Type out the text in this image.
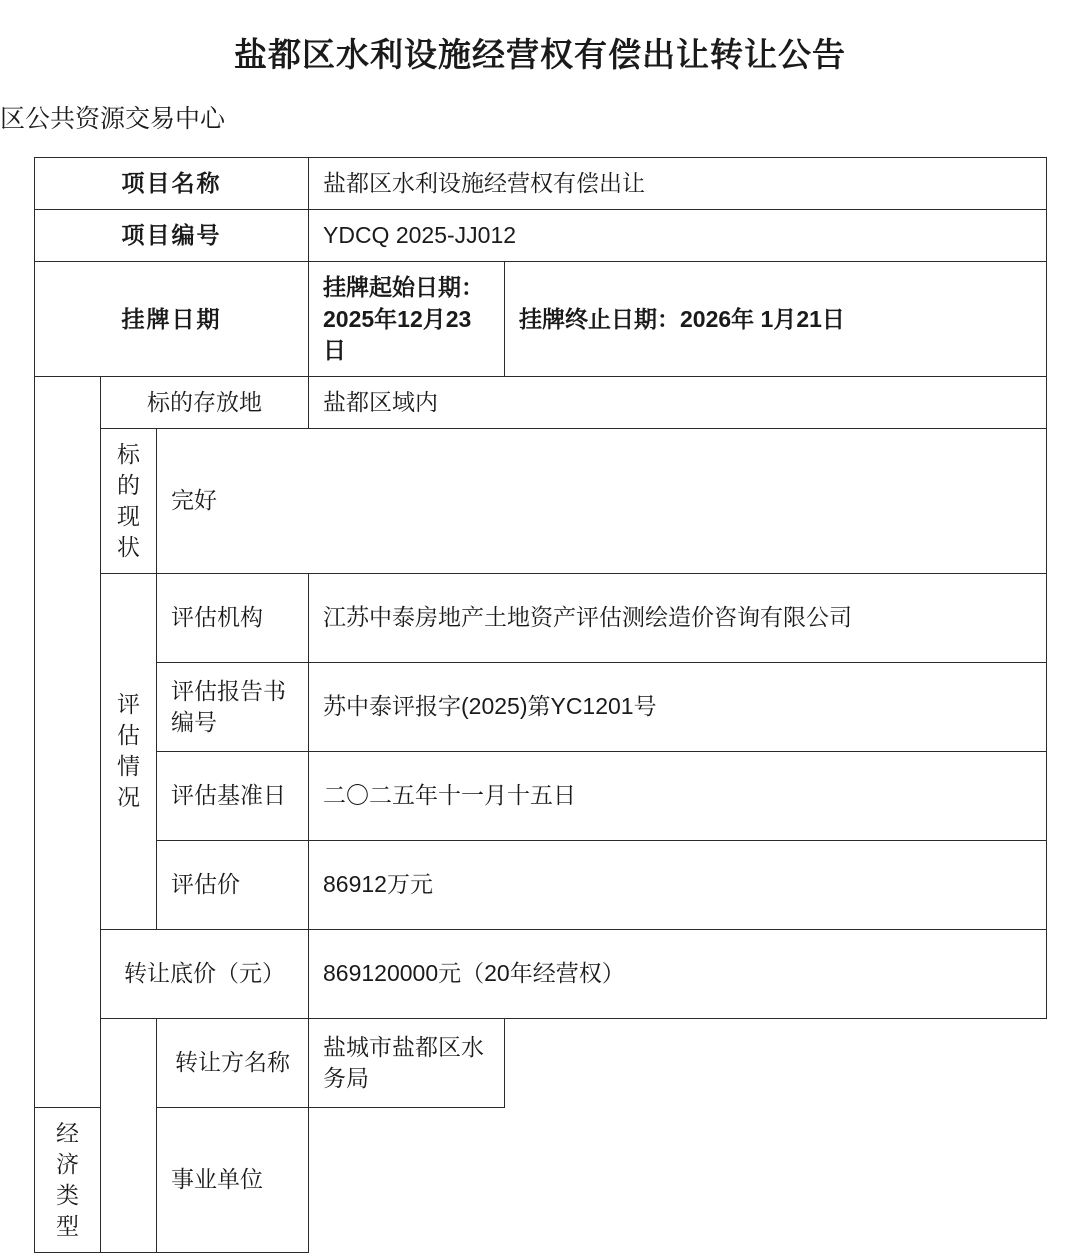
盐都区水利设施经营权有偿出让转让公告
区公共资源交易中心
项目名称			盐都区水利设施经营权有偿出让	
项目编号			YDCQ 2025-JJ012	
挂牌日期			挂牌起始日期：2025年12月23日	挂牌终止日期：2026年 1月21日
	标的存放地		盐都区域内	
	标的现状	完好		

	评估情况	评估机构	江苏中泰房地产土地资产评估测绘造价咨询有限公司	
		评估报告书编号	苏中泰评报字(2025)第YC1201号	
		评估基准日	二〇二五年十一月十五日	
		评估价	86912万元	
	转让底价（元）		869120000元（20年经营权）	
		转让方名称	盐城市盐都区水务局	
经济类型		事业单位		
